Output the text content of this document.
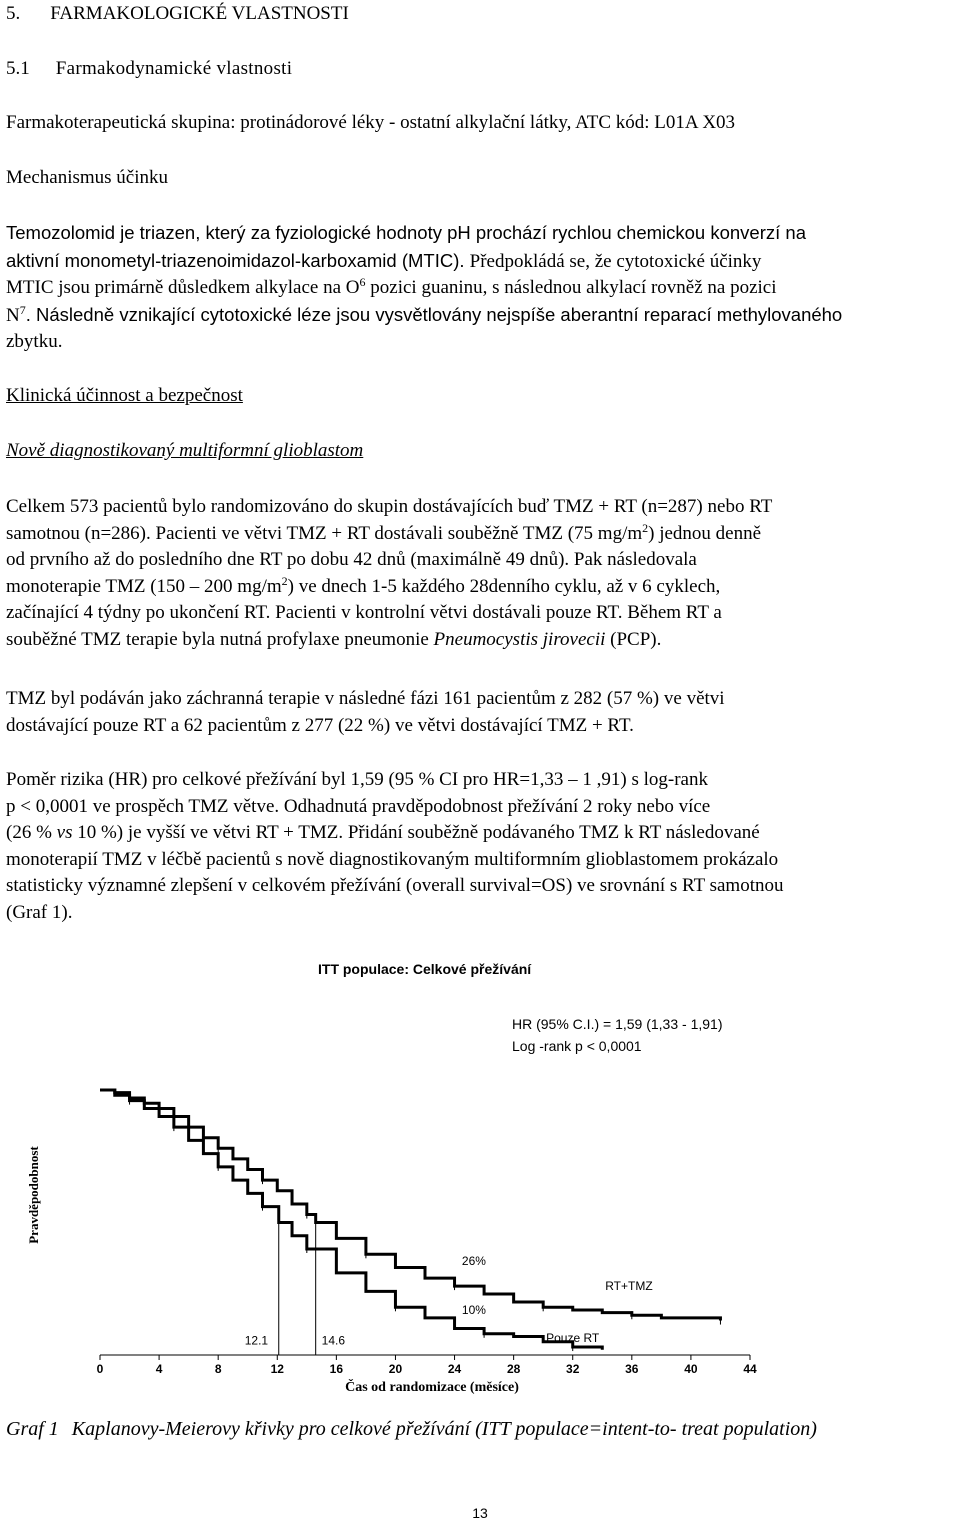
5. FARMAKOLOGICKÉ VLASTNOSTI
5.1 Farmakodynamické vlastnosti
Farmakoterapeutická skupina: protinádorové léky - ostatní alkylační látky, ATC kód: L01A X03
Mechanismus účinku
Temozolomid je triazen, který za fyziologické hodnoty pH prochází rychlou chemickou konverzí na
aktivní monometyl-triazenoimidazol-karboxamid (MTIC). Předpokládá se, že cytotoxické účinky
MTIC jsou primárně důsledkem alkylace na $O^6$ pozici guaninu, s následnou alkylací rovněž na pozici
$N^7$. Následně vznikající cytotoxické léze jsou vysvětlovány nejspíše aberantní reparací methylovaného
zbytku.
Klinická účinnost a bezpečnost
Nově diagnostikovaný multiformní glioblastom
Celkem 573 pacientů bylo randomizováno do skupin dostávajících buď TMZ + RT (n=287) nebo RT
samotnou (n=286). Pacienti ve větvi TMZ + RT dostávali souběžně TMZ (75 $mg/m^2$) jednou denně
od prvního až do posledního dne RT po dobu 42 dnů (maximálně 49 dnů). Pak následovala
monoterapie TMZ (150 – 200 $mg/m^2$) ve dnech 1-5 každého 28denního cyklu, až v 6 cyklech,
začínající 4 týdny po ukončení RT. Pacienti v kontrolní větvi dostávali pouze RT. Během RT a
souběžné TMZ terapie byla nutná profylaxe pneumonie Pneumocystis jirovecii (PCP).
TMZ byl podáván jako záchranná terapie v následné fázi 161 pacientům z 282 (57 %) ve větvi
dostávající pouze RT a 62 pacientům z 277 (22 %) ve větvi dostávající TMZ + RT.
Poměr rizika (HR) pro celkové přežívání byl 1,59 (95 % CI pro HR=1,33 – 1 ,91) s log-rank
p < 0,0001 ve prospěch TMZ větve. Odhadnutá pravděpodobnost přežívání 2 roky nebo více
(26 % vs 10 %) je vyšší ve větvi RT + TMZ. Přidání souběžně podávaného TMZ k RT následované
monoterapií TMZ v léčbě pacientů s nově diagnostikovaným multiformním glioblastomem prokázalo
statisticky významné zlepšení v celkovém přežívání (overall survival=OS) ve srovnání s RT samotnou
(Graf 1).
ITT populace: Celkové přežívání
HR (95% C.I.) = 1,59 (1,33 - 1,91)
Log -rank p < 0,0001
Pravděpodobnost
0	4	8	12	16	20	24	28	32	36	40	44
RT+TMZ
Pouze RT
26%
10%
12.1	14.6
Čas od randomizace (měsíce)
Graf 1 Kaplanovy-Meierovy křivky pro celkové přežívání (ITT populace=intent-to- treat population)
13
